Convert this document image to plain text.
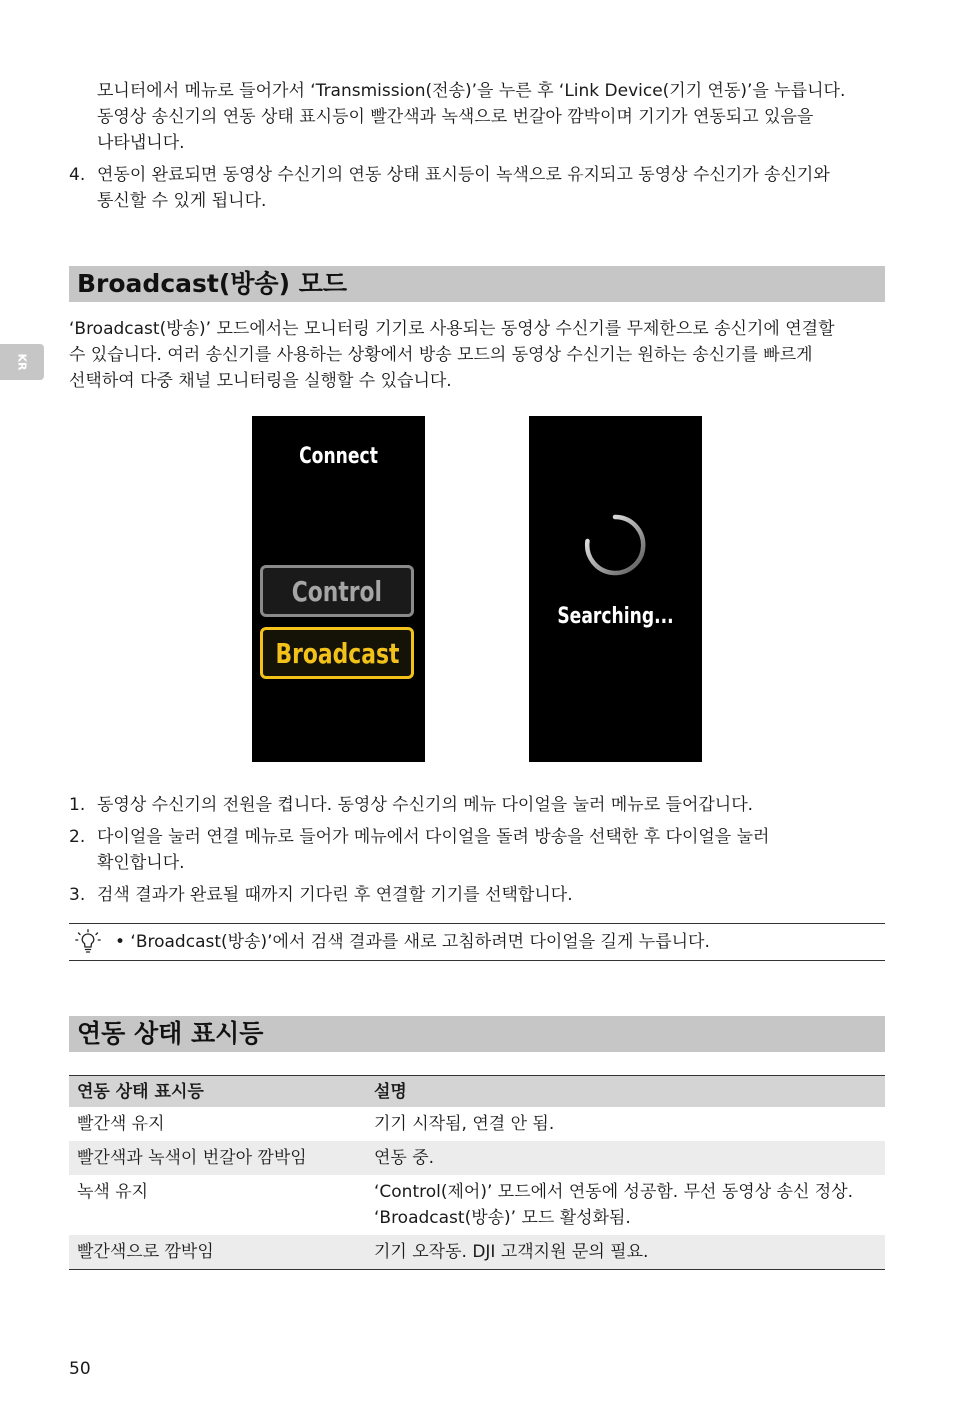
모니터에서 메뉴로 들어가서 ‘Transmission(전송)’을 누른 후 ‘Link Device(기기 연동)’을 누릅니다.
동영상 송신기의 연동 상태 표시등이 빨간색과 녹색으로 번갈아 깜박이며 기기가 연동되고 있음을
나타냅니다.
4. 연동이 완료되면 동영상 수신기의 연동 상태 표시등이 녹색으로 유지되고 동영상 수신기가 송신기와
통신할 수 있게 됩니다.
Broadcast(방송) 모드
KR
‘Broadcast(방송)’ 모드에서는 모니터링 기기로 사용되는 동영상 수신기를 무제한으로 송신기에 연결할
수 있습니다. 여러 송신기를 사용하는 상황에서 방송 모드의 동영상 수신기는 원하는 송신기를 빠르게
선택하여 다중 채널 모니터링을 실행할 수 있습니다.
Connect
Control
Broadcast
Searching...
1. 동영상 수신기의 전원을 켭니다. 동영상 수신기의 메뉴 다이얼을 눌러 메뉴로 들어갑니다.
2. 다이얼을 눌러 연결 메뉴로 들어가 메뉴에서 다이얼을 돌려 방송을 선택한 후 다이얼을 눌러
확인합니다.
3. 검색 결과가 완료될 때까지 기다린 후 연결할 기기를 선택합니다.
• ‘Broadcast(방송)’에서 검색 결과를 새로 고침하려면 다이얼을 길게 누릅니다.
연동 상태 표시등
연동 상태 표시등	설명
빨간색 유지	기기 시작됨, 연결 안 됨.
빨간색과 녹색이 번갈아 깜박임	연동 중.
녹색 유지	‘Control(제어)’ 모드에서 연동에 성공함. 무선 동영상 송신 정상.
‘Broadcast(방송)’ 모드 활성화됨.

빨간색으로 깜박임	기기 오작동. DJI 고객지원 문의 필요.
50
